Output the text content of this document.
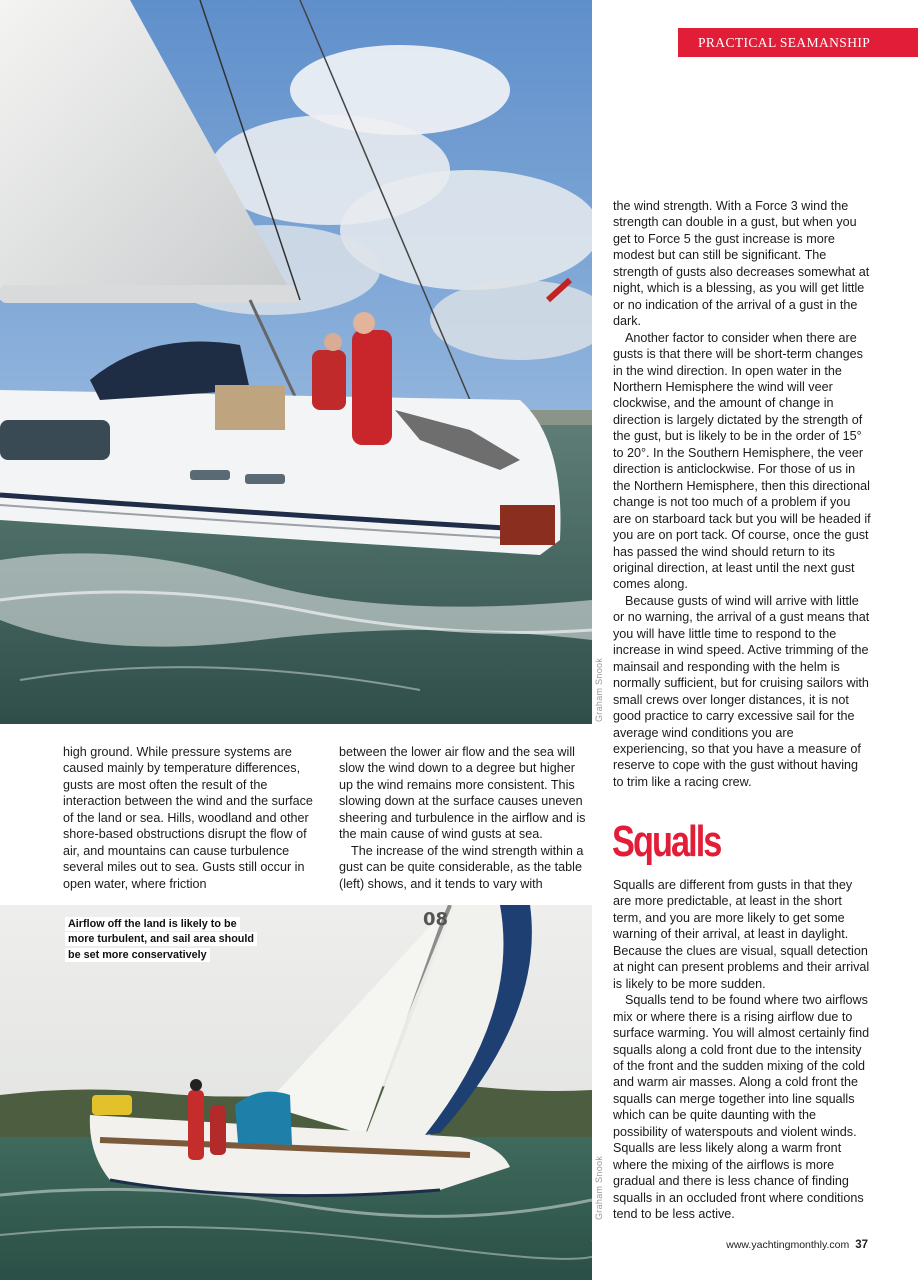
Graham Snook
PRACTICAL SEAMANSHIP

the wind strength. With a Force 3 wind the strength can double in a gust, but when you get to Force 5 the gust increase is more modest but can still be significant. The strength of gusts also decreases somewhat at night, which is a blessing, as you will get little or no indication of the arrival of a gust in the dark.

Another factor to consider when there are gusts is that there will be short-term changes in the wind direction. In open water in the Northern Hemisphere the wind will veer clockwise, and the amount of change in direction is largely dictated by the strength of the gust, but is likely to be in the order of 15° to 20°. In the Southern Hemisphere, the veer direction is anticlockwise. For those of us in the Northern Hemisphere, then this directional change is not too much of a problem if you are on starboard tack but you will be headed if you are on port tack. Of course, once the gust has passed the wind should return to its original direction, at least until the next gust comes along.

Because gusts of wind will arrive with little or no warning, the arrival of a gust means that you will have little time to respond to the increase in wind speed. Active trimming of the mainsail and responding with the helm is normally sufficient, but for cruising sailors with small crews over longer distances, it is not good practice to carry excessive sail for the average wind conditions you are experiencing, so that you have a measure of reserve to cope with the gust without having to trim like a racing crew.

high ground. While pressure systems are caused mainly by temperature differences, gusts are most often the result of the interaction between the wind and the surface of the land or sea. Hills, woodland and other shore-based obstructions disrupt the flow of air, and mountains can cause turbulence several miles out to sea. Gusts still occur in open water, where friction

between the lower air flow and the sea will slow the wind down to a degree but higher up the wind remains more consistent. This slowing down at the surface causes uneven sheering and turbulence in the airflow and is the main cause of wind gusts at sea.

The increase of the wind strength within a gust can be quite considerable, as the table (left) shows, and it tends to vary with

Squalls

Squalls are different from gusts in that they are more predictable, at least in the short term, and you are more likely to get some warning of their arrival, at least in daylight. Because the clues are visual, squall detection at night can present problems and their arrival is likely to be more sudden.

Squalls tend to be found where two airflows mix or where there is a rising airflow due to surface warming. You will almost certainly find squalls along a cold front due to the intensity of the front and the sudden mixing of the cold and warm air masses. Along a cold front the squalls can merge together into line squalls which can be quite daunting with the possibility of waterspouts and violent winds. Squalls are less likely along a warm front where the mixing of the airflows is more gradual and there is less chance of finding squalls in an occluded front where conditions tend to be less active.

08
Graham Snook
Airflow off the land is likely to be more turbulent, and sail area should be set more conservatively
www.yachtingmonthly.com 37
